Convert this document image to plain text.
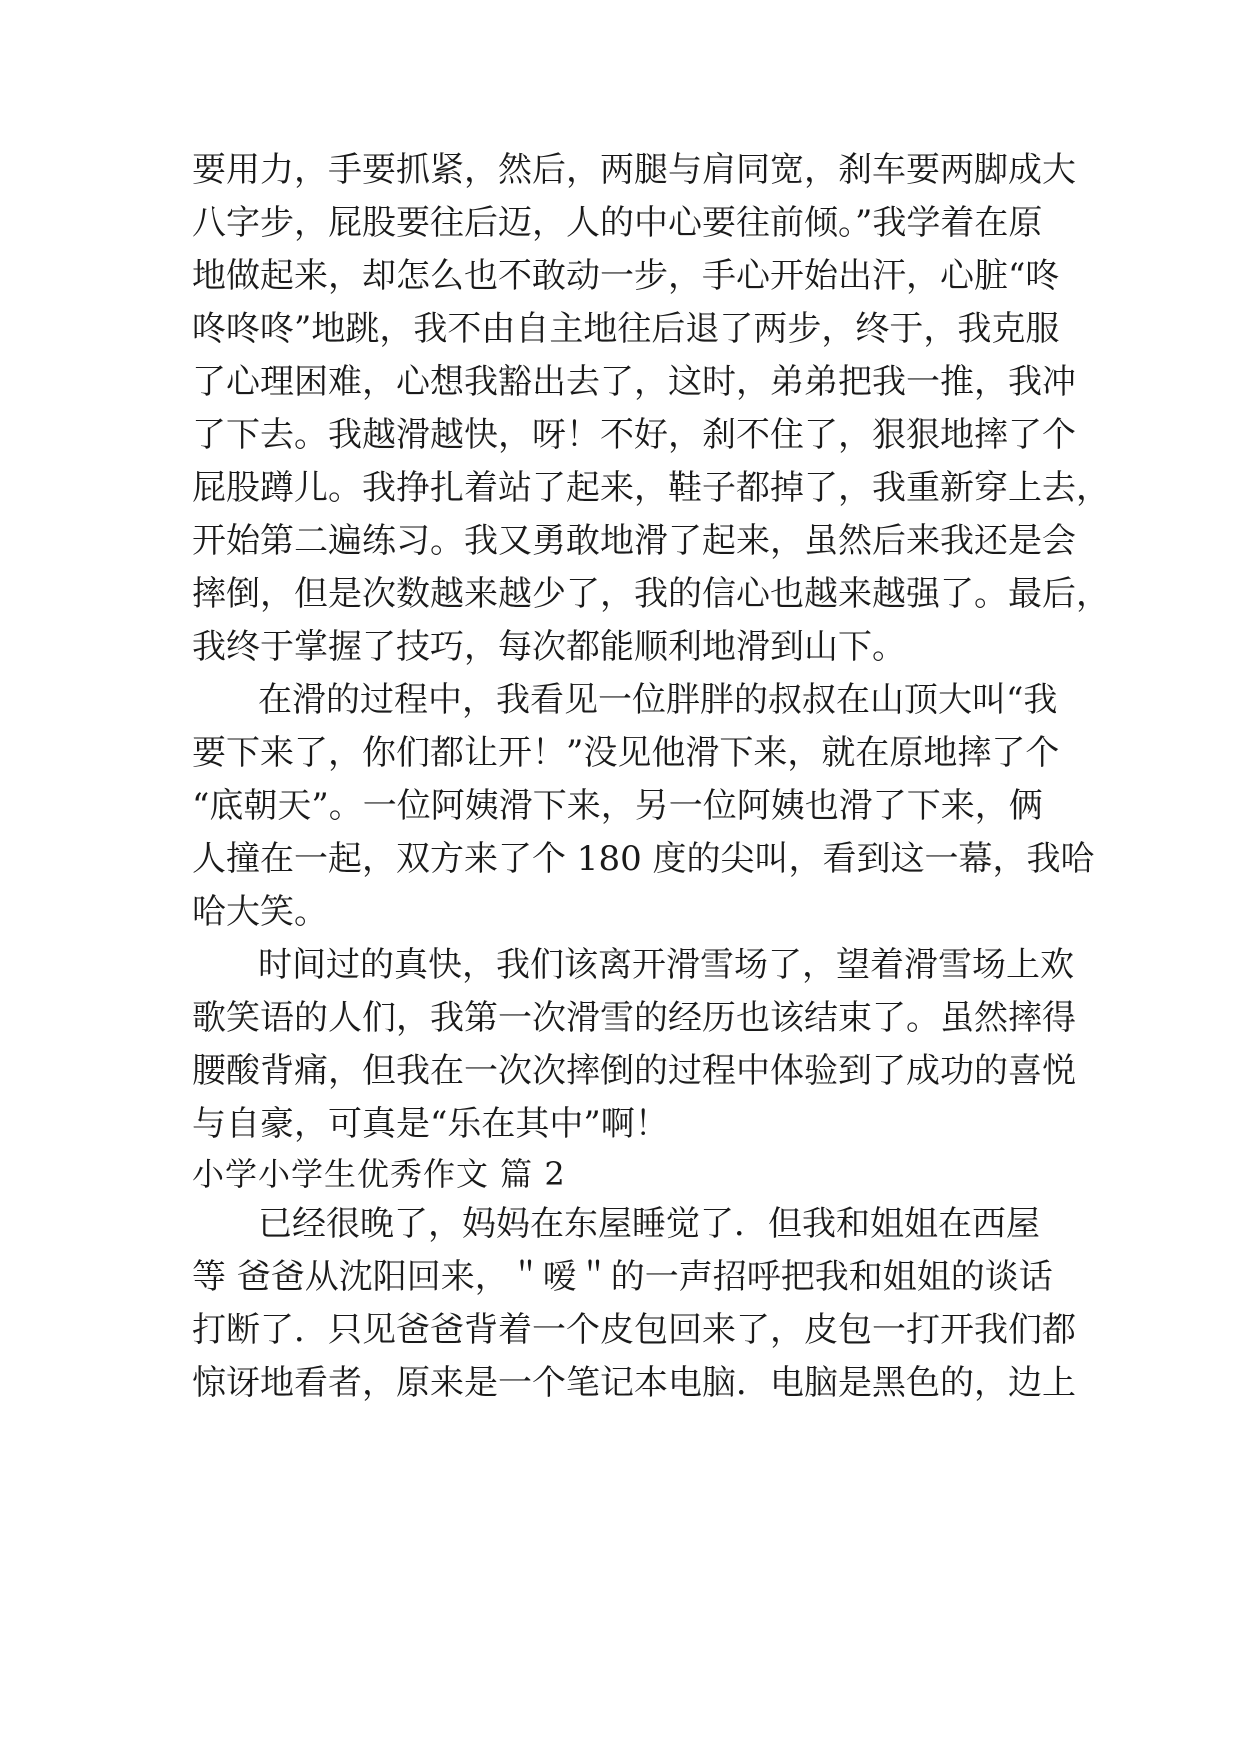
要用力，手要抓紧，然后，两腿与肩同宽，刹车要两脚成大
八字步，屁股要往后迈，人的中心要往前倾。”我学着在原
地做起来，却怎么也不敢动一步，手心开始出汗，心脏“咚
咚咚咚”地跳，我不由自主地往后退了两步，终于，我克服
了心理困难，心想我豁出去了，这时，弟弟把我一推，我冲
了下去。我越滑越快，呀！不好，刹不住了，狠狠地摔了个
屁股蹲儿。我挣扎着站了起来，鞋子都掉了，我重新穿上去，
开始第二遍练习。我又勇敢地滑了起来，虽然后来我还是会
摔倒，但是次数越来越少了，我的信心也越来越强了。最后，
我终于掌握了技巧，每次都能顺利地滑到山下。
在滑的过程中，我看见一位胖胖的叔叔在山顶大叫“我
要下来了，你们都让开！”没见他滑下来，就在原地摔了个
“底朝天”。一位阿姨滑下来，另一位阿姨也滑了下来，俩
人撞在一起，双方来了个 180 度的尖叫，看到这一幕，我哈
哈大笑。
时间过的真快，我们该离开滑雪场了，望着滑雪场上欢
歌笑语的人们，我第一次滑雪的经历也该结束了。虽然摔得
腰酸背痛，但我在一次次摔倒的过程中体验到了成功的喜悦
与自豪，可真是“乐在其中”啊！
小学小学生优秀作文 篇 2
已经很晚了，妈妈在东屋睡觉了．但我和姐姐在西屋
等 爸爸从沈阳回来，＂嗳＂的一声招呼把我和姐姐的谈话
打断了．只见爸爸背着一个皮包回来了，皮包一打开我们都
惊讶地看者，原来是一个笔记本电脑．电脑是黑色的，边上
